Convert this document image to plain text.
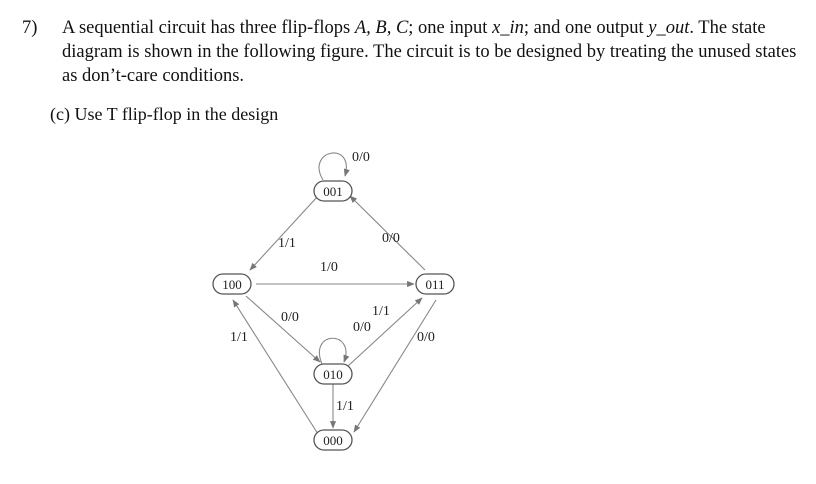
7) A sequential circuit has three flip-flops A, B, C; one input x_in; and one output y_out. The state diagram is shown in the following figure. The circuit is to be designed by treating the unused states as don’t-care conditions.
(c) Use T flip-flop in the design
0/0
1/1	0/0
1/0
1/1
0/0
0/0
1/1
0/0
1/1
001
100	011
010
000
